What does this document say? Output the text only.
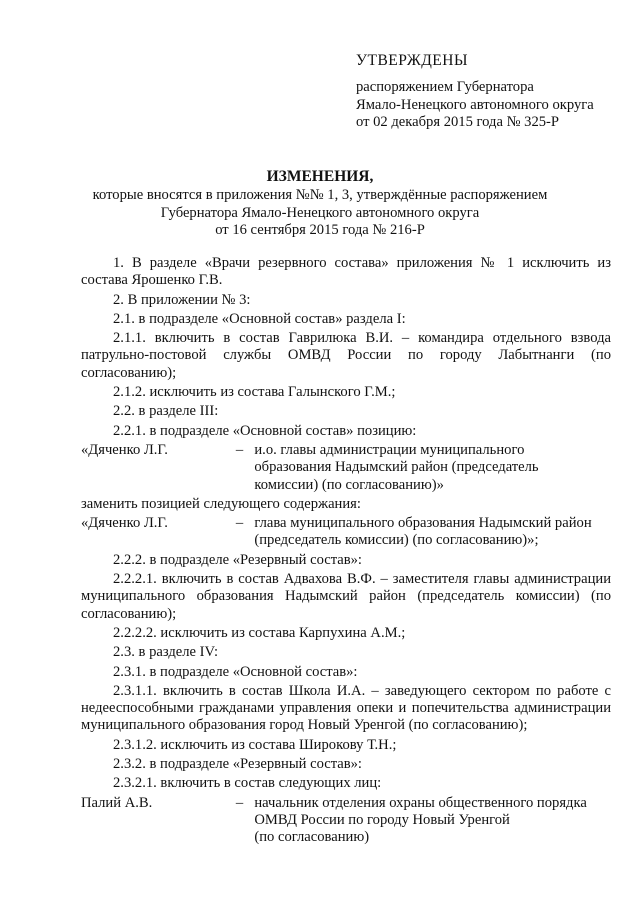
УТВЕРЖДЕНЫ
распоряжением Губернатора
Ямало-Ненецкого автономного округа
от 02 декабря 2015 года № 325-Р
ИЗМЕНЕНИЯ,
которые вносятся в приложения №№ 1, 3, утверждённые распоряжением
Губернатора Ямало-Ненецкого автономного округа
от 16 сентября 2015 года № 216-Р

1. В разделе «Врачи резервного состава» приложения № 1 исключить из состава Ярошенко Г.В.

2. В приложении № 3:

2.1. в подразделе «Основной состав» раздела I:

2.1.1. включить в состав Гаврилюка В.И. – командира отдельного взвода патрульно-постовой службы ОМВД России по городу Лабытнанги (по согласованию);

2.1.2. исключить из состава Галынского Г.М.;

2.2. в разделе III:

2.2.1. в подразделе «Основной состав» позицию:

«Дяченко Л.Г.	– и.о. главы администрации муниципального
образования Надымский район (председатель
комиссии) (по согласованию)»

заменить позицией следующего содержания:

«Дяченко Л.Г.	– глава муниципального образования Надымский район
(председатель комиссии) (по согласованию)»;

2.2.2. в подразделе «Резервный состав»:

2.2.2.1. включить в состав Адвахова В.Ф. – заместителя главы администрации муниципального образования Надымский район (председатель комиссии) (по согласованию);

2.2.2.2. исключить из состава Карпухина А.М.;

2.3. в разделе IV:

2.3.1. в подразделе «Основной состав»:

2.3.1.1. включить в состав Школа И.А. – заведующего сектором по работе с недееспособными гражданами управления опеки и попечительства администрации муниципального образования город Новый Уренгой (по согласованию);

2.3.1.2. исключить из состава Широкову Т.Н.;

2.3.2. в подразделе «Резервный состав»:

2.3.2.1. включить в состав следующих лиц:

Палий А.В.	– начальник отделения охраны общественного порядка
ОМВД России по городу Новый Уренгой
(по согласованию)
